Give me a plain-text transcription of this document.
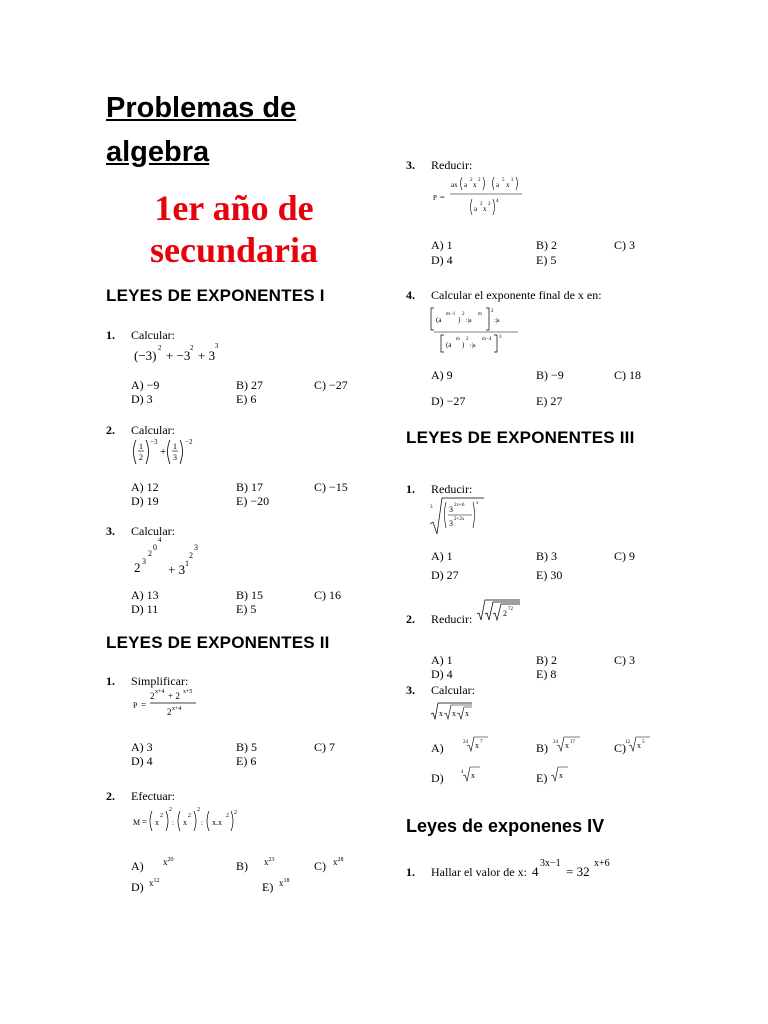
Problemas de
algebra
1er año de
secundaria
LEYES DE EXPONENTES I
1. Calcular:
(−3) 2 + −3 2 + 3
3
A) −9	B) 27	C) −27
D) 3	E) 6
2. Calcular:
1
2
−3
+ 1
3
−2
A) 12	B) 17	C) −15
D) 19	E) −20
3. Calcular:
2 3
2
0
4
+ 3 1
2
3
A) 13	B) 15	C) 16
D) 11	E) 5
LEYES DE EXPONENTES II
1. Simplificar:
P =
2 x+4 + 2 x+5
2 x+4
A) 3	B) 5	C) 7
D) 4	E) 6
2. Efectuar:
M = x
2
2
: x
2
2
: x.x
2 2
A) $x^{20}$	B) $x^{23}$	C) $x^{28}$
D) $x^{12}$	E) $x^{18}$
3. Reducir:
P =
ax a
2
x
2
a
5
x
3
a
2
x
2
4
A) 1	B) 2	C) 3
D) 4	E) 5
4. Calcular el exponente final de x en:
(a
m−1
)
2
:|a
m
2
:|a
(a
m
)
2
:|a
m−4 3
A) 9	B) −9	C) 18
D) −27	E) 27
LEYES DE EXPONENTES III
1. Reducir:
3 3 2x+6
3 2+2x
x
A) 1	B) 3	C) 9
D) 27	E) 30
2. Reducir:	2 72
A) 1	B) 2	C) 3
D) 4	E) 8
3. Calcular:
x x x
A)	24 x 7	B) 24 x 17	C) 12 x 5
D)	4 x	E) x
Leyes de exponenes IV
1. Hallar el valor de x: 4
3x−1
= 32
x+6
